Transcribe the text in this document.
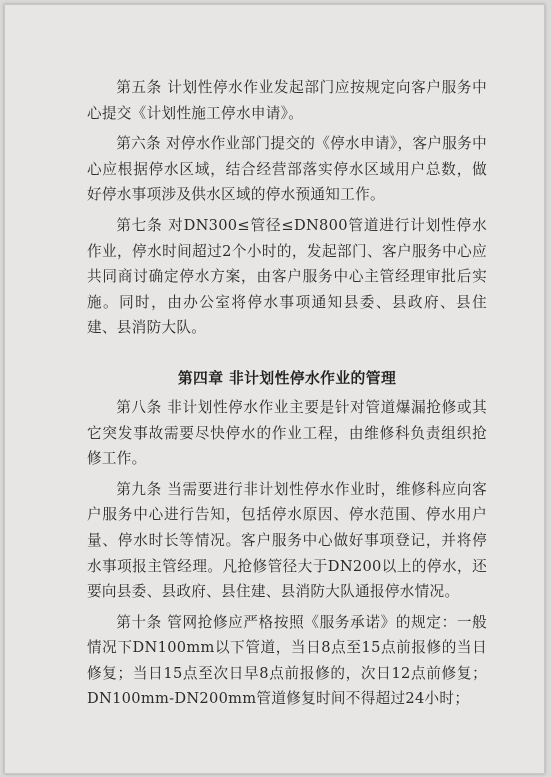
第五条 计划性停水作业发起部门应按规定向客户服务中心提交《计划性施工停水申请》。

第六条 对停水作业部门提交的《停水申请》，客户服务中心应根据停水区域，结合经营部落实停水区域用户总数，做好停水事项涉及供水区域的停水预通知工作。

第七条 对DN300≤管径≤DN800管道进行计划性停水作业，停水时间超过2个小时的，发起部门、客户服务中心应共同商讨确定停水方案，由客户服务中心主管经理审批后实施。同时，由办公室将停水事项通知县委、县政府、县住建、县消防大队。

第四章 非计划性停水作业的管理

第八条 非计划性停水作业主要是针对管道爆漏抢修或其它突发事故需要尽快停水的作业工程，由维修科负责组织抢修工作。

第九条 当需要进行非计划性停水作业时，维修科应向客户服务中心进行告知，包括停水原因、停水范围、停水用户量、停水时长等情况。客户服务中心做好事项登记，并将停水事项报主管经理。凡抢修管径大于DN200以上的停水，还要向县委、县政府、县住建、县消防大队通报停水情况。

第十条 管网抢修应严格按照《服务承诺》的规定：一般情况下DN100mm以下管道，当日8点至15点前报修的当日修复；当日15点至次日早8点前报修的，次日12点前修复；DN100mm-DN200mm管道修复时间不得超过24小时；
